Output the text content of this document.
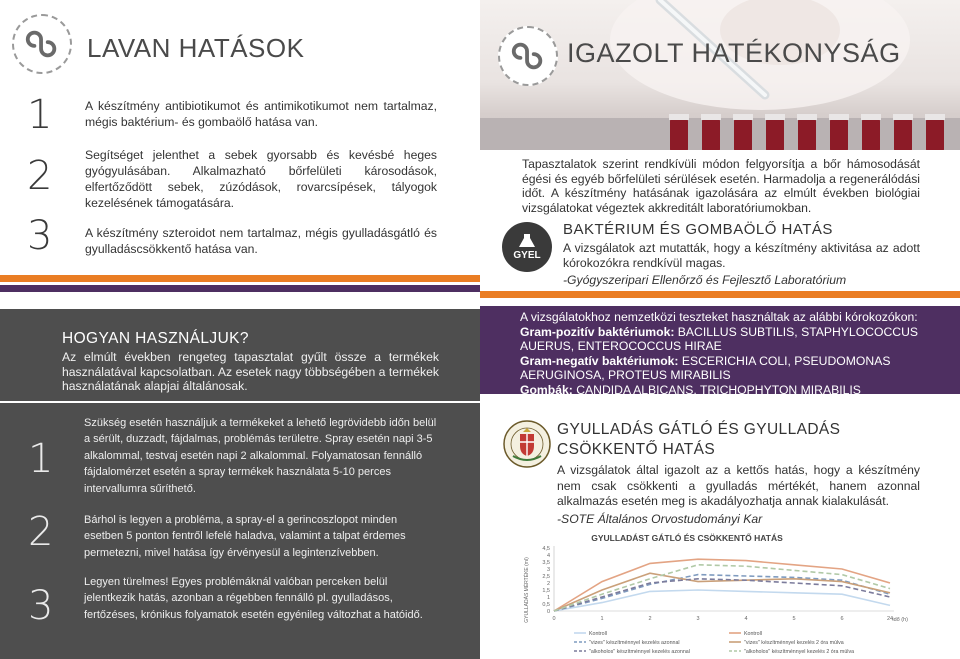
LAVAN HATÁSOK
1	A készítmény antibiotikumot és antimikotikumot nem tartalmaz, mégis baktérium- és gombaölő hatása van.
2	Segítséget jelenthet a sebek gyorsabb és kevésbé heges gyógyulásában. Alkalmazható bőrfelületi károsodások, elfertőződött sebek, zúzódások, rovarcsípések, tályogok kezelésének támogatására.
3	A készítmény szteroidot nem tartalmaz, mégis gyulladásgátló és gyulladáscsökkentő hatása van.
IGAZOLT HATÉKONYSÁG
Tapasztalatok szerint rendkívüli módon felgyorsítja a bőr hámosodását égési és egyéb bőrfelületi sérülések esetén. Harmadolja a regenerálódási időt. A készítmény hatásának igazolására az elmúlt években biológiai vizsgálatokat végeztek akkreditált laboratóriumokban.
GYEL
BAKTÉRIUM ÉS GOMBAÖLŐ HATÁS
A vizsgálatok azt mutatták, hogy a készítmény aktivitása az adott kórokozókra rendkívül magas.
-Gyógyszeripari Ellenőrző és Fejlesztő Laboratórium
HOGYAN HASZNÁLJUK?
Az elmúlt években rengeteg tapasztalat gyűlt össze a termékek használatával kapcsolatban. Az esetek nagy többségében a termékek használatának alapjai általánosak.
1
Szükség esetén használjuk a termékeket a lehető legrövidebb időn belül a sérült, duzzadt, fájdalmas, problémás területre. Spray esetén napi 3-5 alkalommal, testvaj esetén napi 2 alkalommal. Folyamatosan fennálló fájdalomérzet esetén a spray termékek használata 5-10 perces intervallumra sűríthető.
2	Bárhol is legyen a probléma, a spray-el a gerincoszlopot minden esetben 5 ponton fentről lefelé haladva, valamint a talpat érdemes permetezni, mivel hatása így érvényesül a legintenzívebben.
3
Legyen türelmes! Egyes problémáknál valóban perceken belül jelentkezik hatás, azonban a régebben fennálló pl. gyulladásos, fertőzéses, krónikus folyamatok esetén egyénileg változhat a hatóidő.
A vizsgálatokhoz nemzetközi teszteket használtak az alábbi kórokozókon:
Gram-pozitív baktériumok: BACILLUS SUBTILIS, STAPHYLOCOCCUS AUERUS, ENTEROCOCCUS HIRAE
Gram-negatív baktériumok: ESCERICHIA COLI, PSEUDOMONAS AERUGINOSA, PROTEUS MIRABILIS
Gombák: CANDIDA ALBICANS, TRICHOPHYTON MIRABILIS
GYULLADÁS GÁTLÓ ÉS GYULLADÁS CSÖKKENTŐ HATÁS
A vizsgálatok által igazolt az a kettős hatás, hogy a készítmény nem csak csökkenti a gyulladás mértékét, hanem azonnal alkalmazás esetén meg is akadályozhatja annak kialakulását.
-SOTE Általános Orvostudományi Kar
GYULLADÁST GÁTLÓ ÉS CSÖKKENTŐ HATÁS
GYULLADÁS MÉRTÉKE (ml)	idő (h)
0
0,5
1
1,5
2
2,5
3
3,5
4
4,5
0	1	2	3	4	5	6	24
Kontroll	Kontroll
"vizes" készítménnyel kezelés azonnal	"vizes" készítménnyel kezelés 2 óra múlva
"alkoholos" készítménnyel kezelés azonnal	"alkoholos" készítménnyel kezelés 2 óra múlva
